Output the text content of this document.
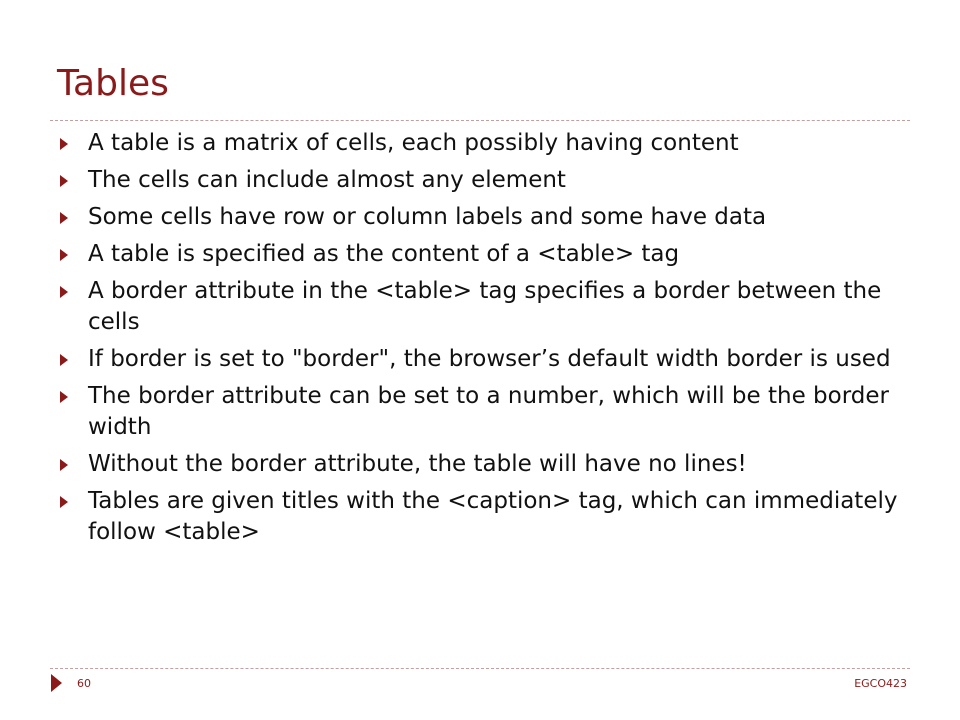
Tables
A table is a matrix of cells, each possibly having content
The cells can include almost any element
Some cells have row or column labels and some have data
A table is specified as the content of a <table> tag
A border attribute in the <table> tag specifies a border between the cells
If border is set to "border", the browser’s default width border is used
The border attribute can be set to a number, which will be the border width
Without the border attribute, the table will have no lines!
Tables are given titles with the <caption> tag, which can immediately follow <table>
60	EGCO423
